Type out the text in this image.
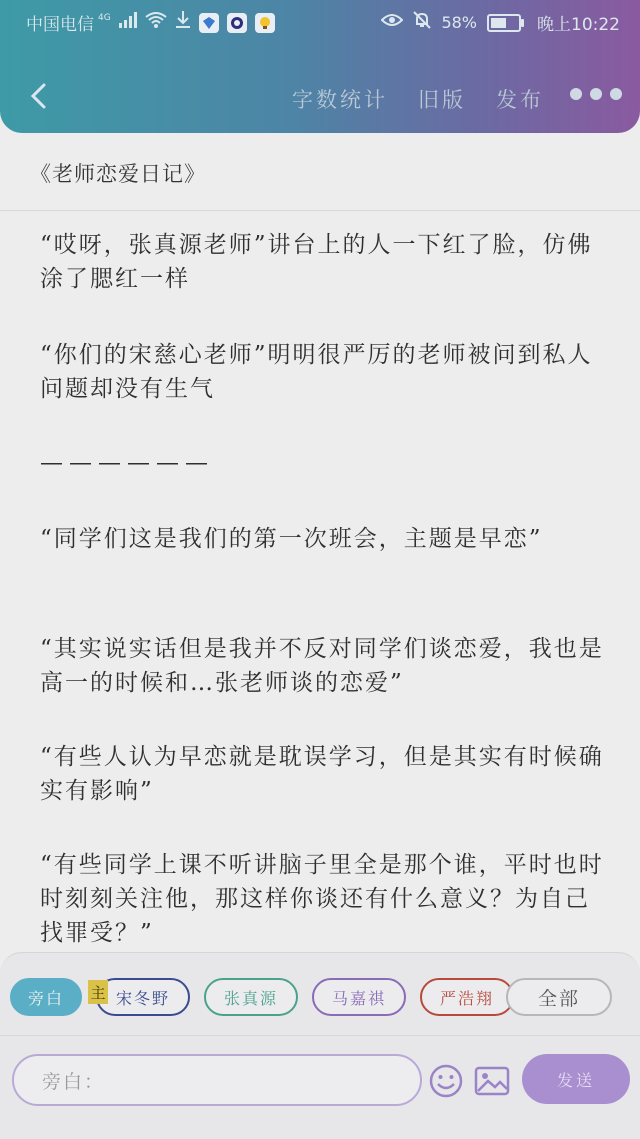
中国电信 4G	58%	晚上10:22
字数统计 旧版 发布
《老师恋爱日记》

“哎呀，张真源老师”讲台上的人一下红了脸，仿佛涂了腮红一样

“你们的宋慈心老师”明明很严厉的老师被问到私人问题却没有生气

——————

“同学们这是我们的第一次班会，主题是早恋”

“其实说实话但是我并不反对同学们谈恋爱，我也是高一的时候和…张老师谈的恋爱”

“有些人认为早恋就是耽误学习，但是其实有时候确实有影响”

“有些同学上课不听讲脑子里全是那个谁，平时也时时刻刻关注他，那这样你谈还有什么意义？为自己找罪受？”

旁白	宋冬野	张真源	马嘉祺	严浩翔 全部
旁白：	发送
主
